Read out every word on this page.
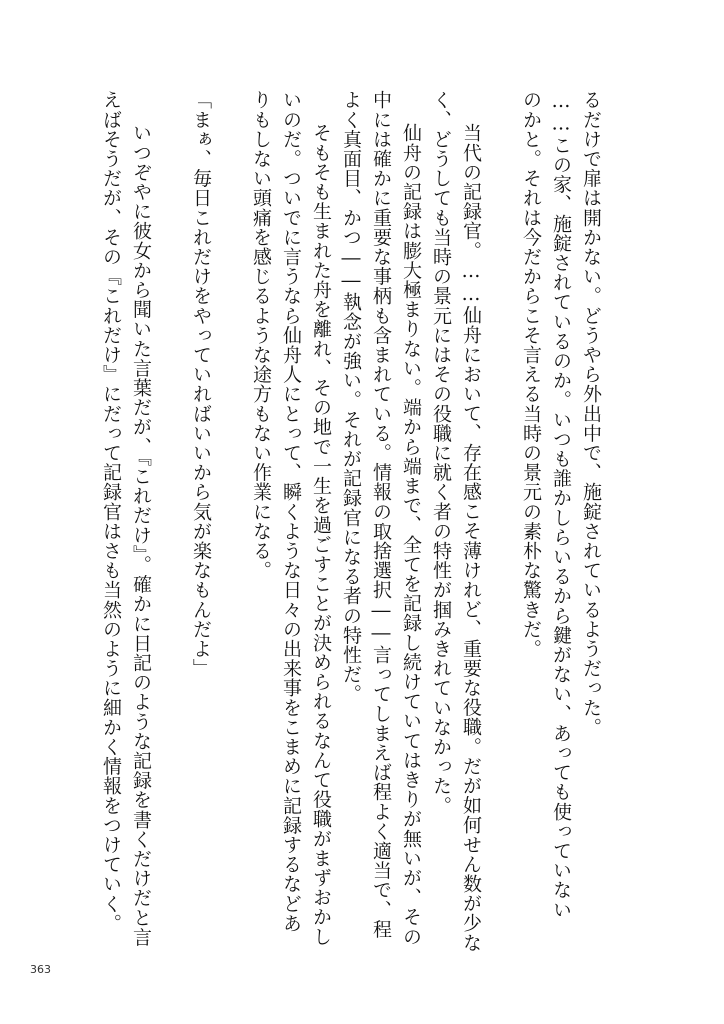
るだけで扉は開かない。どうやら外出中で、施錠されているようだった。
……この家、施錠されているのか。いつも誰かしらいるから鍵がない、あっても使っていない
のかと。それは今だからこそ言える当時の景元の素朴な驚きだ。
当代の記録官。……仙舟において、存在感こそ薄けれど、重要な役職。だが如何せん数が少な
く、どうしても当時の景元にはその役職に就く者の特性が掴みきれていなかった。
仙舟の記録は膨大極まりない。端から端まで、全てを記録し続けていてはきりが無いが、その
中には確かに重要な事柄も含まれている。情報の取捨選択――言ってしまえば程よく適当で、程
よく真面目、かつ――執念が強い。それが記録官になる者の特性だ。
そもそも生まれた舟を離れ、その地で一生を過ごすことが決められるなんて役職がまずおかし
いのだ。ついでに言うなら仙舟人にとって、瞬くような日々の出来事をこまめに記録するなどあ
りもしない頭痛を感じるような途方もない作業になる。
「まぁ、毎日これだけをやっていればいいから気が楽なもんだよ」
いつぞやに彼女から聞いた言葉だが、『これだけ』。確かに日記のような記録を書くだけだと言
えばそうだが、その『これだけ』にだって記録官はさも当然のように細かく情報をつけていく。
363
